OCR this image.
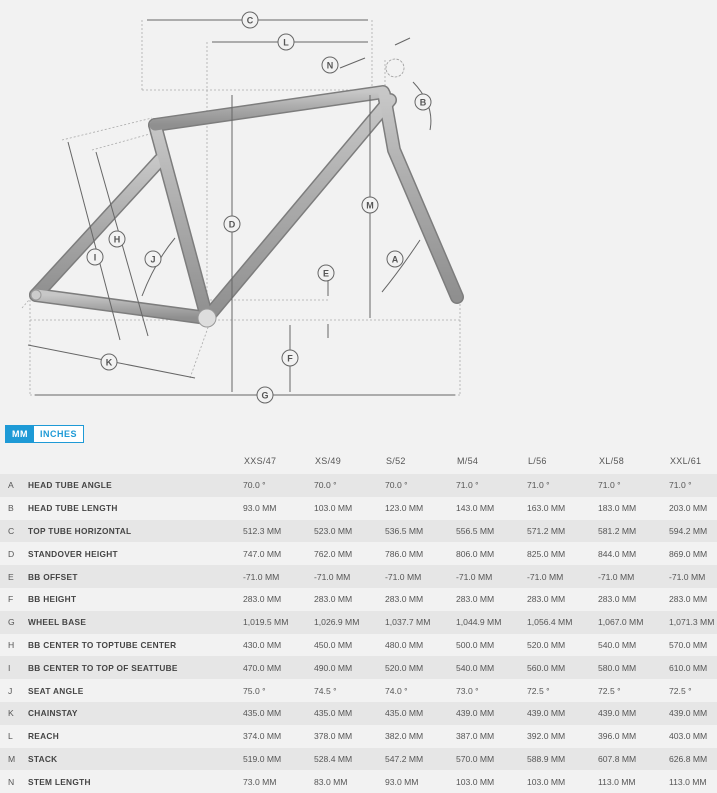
C
L
N
B
M
D
H
I	J
E
A
F
K
G
MM	INCHES
		XXS/47	XS/49	S/52	M/54	L/56	XL/58	XXL/61
A	HEAD TUBE ANGLE	70.0 °	70.0 °	70.0 °	71.0 °	71.0 °	71.0 °	71.0 °
B	HEAD TUBE LENGTH	93.0 MM	103.0 MM	123.0 MM	143.0 MM	163.0 MM	183.0 MM	203.0 MM
C	TOP TUBE HORIZONTAL	512.3 MM	523.0 MM	536.5 MM	556.5 MM	571.2 MM	581.2 MM	594.2 MM
D	STANDOVER HEIGHT	747.0 MM	762.0 MM	786.0 MM	806.0 MM	825.0 MM	844.0 MM	869.0 MM
E	BB OFFSET	-71.0 MM	-71.0 MM	-71.0 MM	-71.0 MM	-71.0 MM	-71.0 MM	-71.0 MM
F	BB HEIGHT	283.0 MM	283.0 MM	283.0 MM	283.0 MM	283.0 MM	283.0 MM	283.0 MM
G	WHEEL BASE	1,019.5 MM	1,026.9 MM	1,037.7 MM	1,044.9 MM	1,056.4 MM	1,067.0 MM	1,071.3 MM
H	BB CENTER TO TOPTUBE CENTER	430.0 MM	450.0 MM	480.0 MM	500.0 MM	520.0 MM	540.0 MM	570.0 MM
I	BB CENTER TO TOP OF SEATTUBE	470.0 MM	490.0 MM	520.0 MM	540.0 MM	560.0 MM	580.0 MM	610.0 MM
J	SEAT ANGLE	75.0 °	74.5 °	74.0 °	73.0 °	72.5 °	72.5 °	72.5 °
K	CHAINSTAY	435.0 MM	435.0 MM	435.0 MM	439.0 MM	439.0 MM	439.0 MM	439.0 MM
L	REACH	374.0 MM	378.0 MM	382.0 MM	387.0 MM	392.0 MM	396.0 MM	403.0 MM
M	STACK	519.0 MM	528.4 MM	547.2 MM	570.0 MM	588.9 MM	607.8 MM	626.8 MM
N	STEM LENGTH	73.0 MM	83.0 MM	93.0 MM	103.0 MM	103.0 MM	113.0 MM	113.0 MM
